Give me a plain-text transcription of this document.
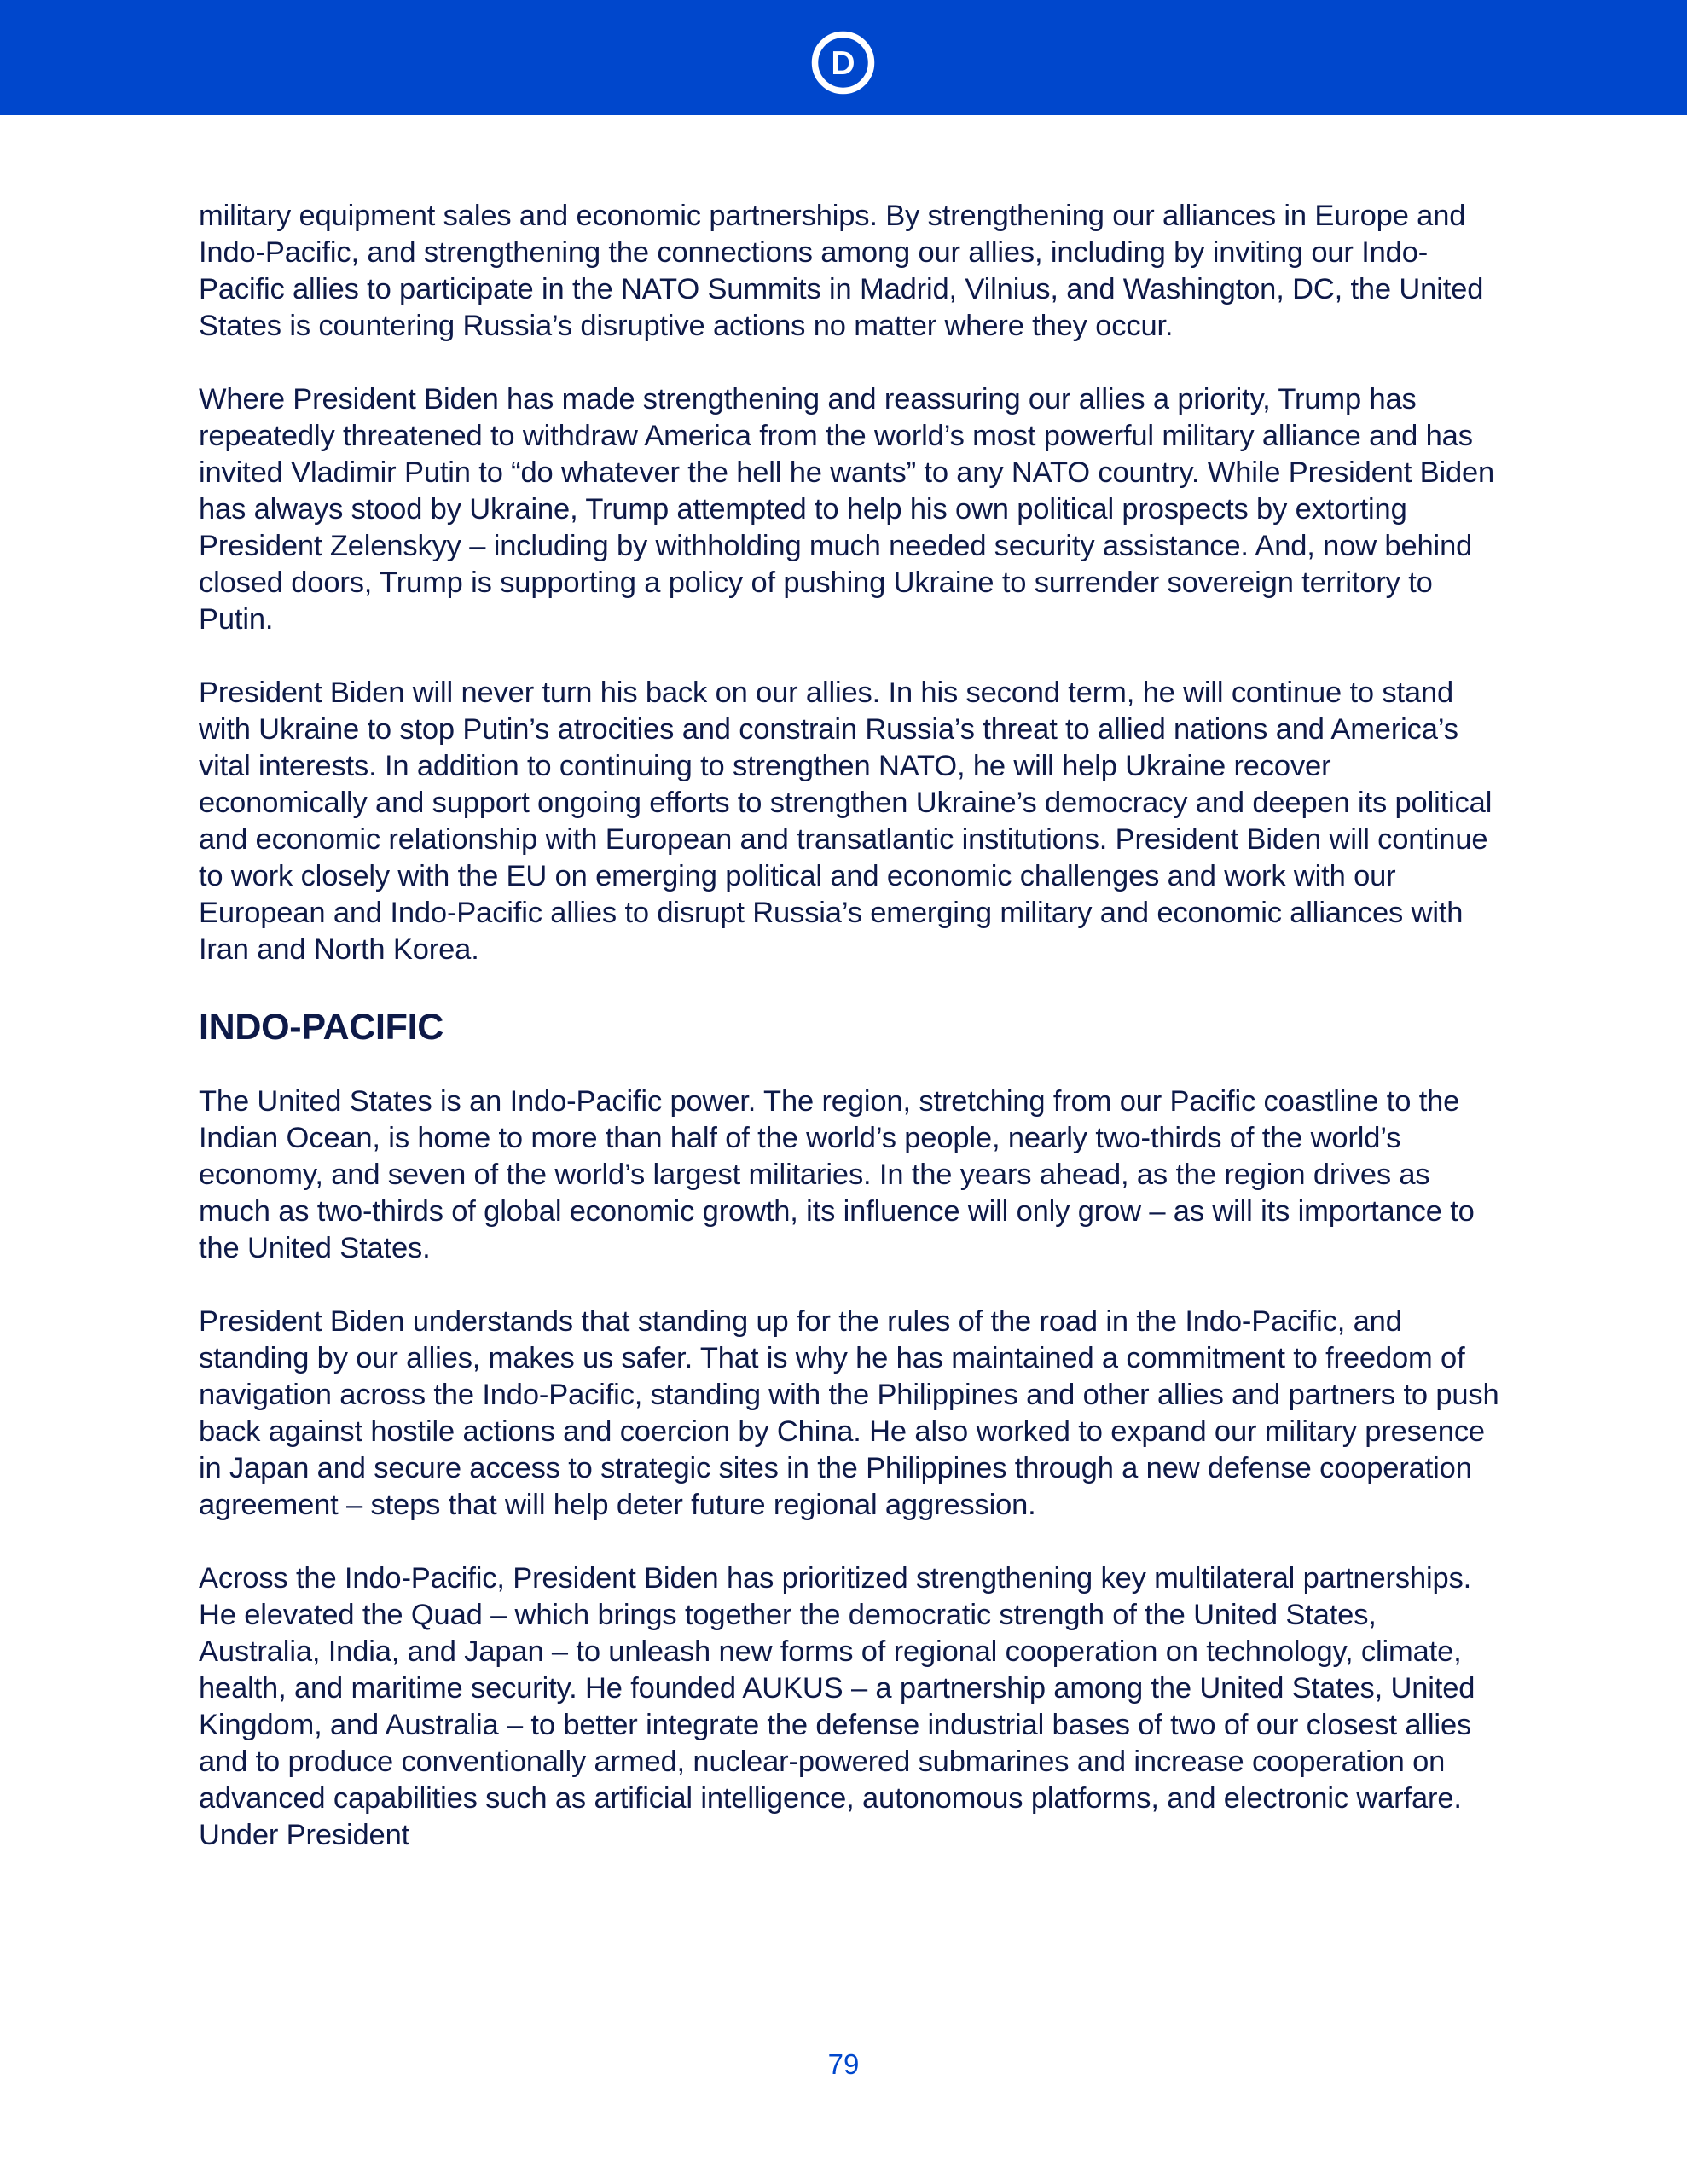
D

military equipment sales and economic partnerships. By strengthening our alliances in Europe and Indo-Pacific, and strengthening the connections among our allies, including by inviting our Indo-Pacific allies to participate in the NATO Summits in Madrid, Vilnius, and Washington, DC, the United States is countering Russia’s disruptive actions no matter where they occur.

Where President Biden has made strengthening and reassuring our allies a priority, Trump has repeatedly threatened to withdraw America from the world’s most powerful military alliance and has invited Vladimir Putin to “do whatever the hell he wants” to any NATO country. While President Biden has always stood by Ukraine, Trump attempted to help his own political prospects by extorting President Zelenskyy – including by withholding much needed security assistance. And, now behind closed doors, Trump is supporting a policy of pushing Ukraine to surrender sovereign territory to Putin.

President Biden will never turn his back on our allies. In his second term, he will continue to stand with Ukraine to stop Putin’s atrocities and constrain Russia’s threat to allied nations and America’s vital interests. In addition to continuing to strengthen NATO, he will help Ukraine recover economically and support ongoing efforts to strengthen Ukraine’s democracy and deepen its political and economic relationship with European and transatlantic institutions. President Biden will continue to work closely with the EU on emerging political and economic challenges and work with our European and Indo-Pacific allies to disrupt Russia’s emerging military and economic alliances with Iran and North Korea.

INDO-PACIFIC

The United States is an Indo-Pacific power. The region, stretching from our Pacific coastline to the Indian Ocean, is home to more than half of the world’s people, nearly two-thirds of the world’s economy, and seven of the world’s largest militaries. In the years ahead, as the region drives as much as two-thirds of global economic growth, its influence will only grow – as will its importance to the United States.

President Biden understands that standing up for the rules of the road in the Indo-Pacific, and standing by our allies, makes us safer. That is why he has maintained a commitment to freedom of navigation across the Indo-Pacific, standing with the Philippines and other allies and partners to push back against hostile actions and coercion by China. He also worked to expand our military presence in Japan and secure access to strategic sites in the Philippines through a new defense cooperation agreement – steps that will help deter future regional aggression.

Across the Indo-Pacific, President Biden has prioritized strengthening key multilateral partnerships. He elevated the Quad – which brings together the democratic strength of the United States, Australia, India, and Japan – to unleash new forms of regional cooperation on technology, climate, health, and maritime security. He founded AUKUS – a partnership among the United States, United Kingdom, and Australia – to better integrate the defense industrial bases of two of our closest allies and to produce conventionally armed, nuclear-powered submarines and increase cooperation on advanced capabilities such as artificial intelligence, autonomous platforms, and electronic warfare. Under President

79
